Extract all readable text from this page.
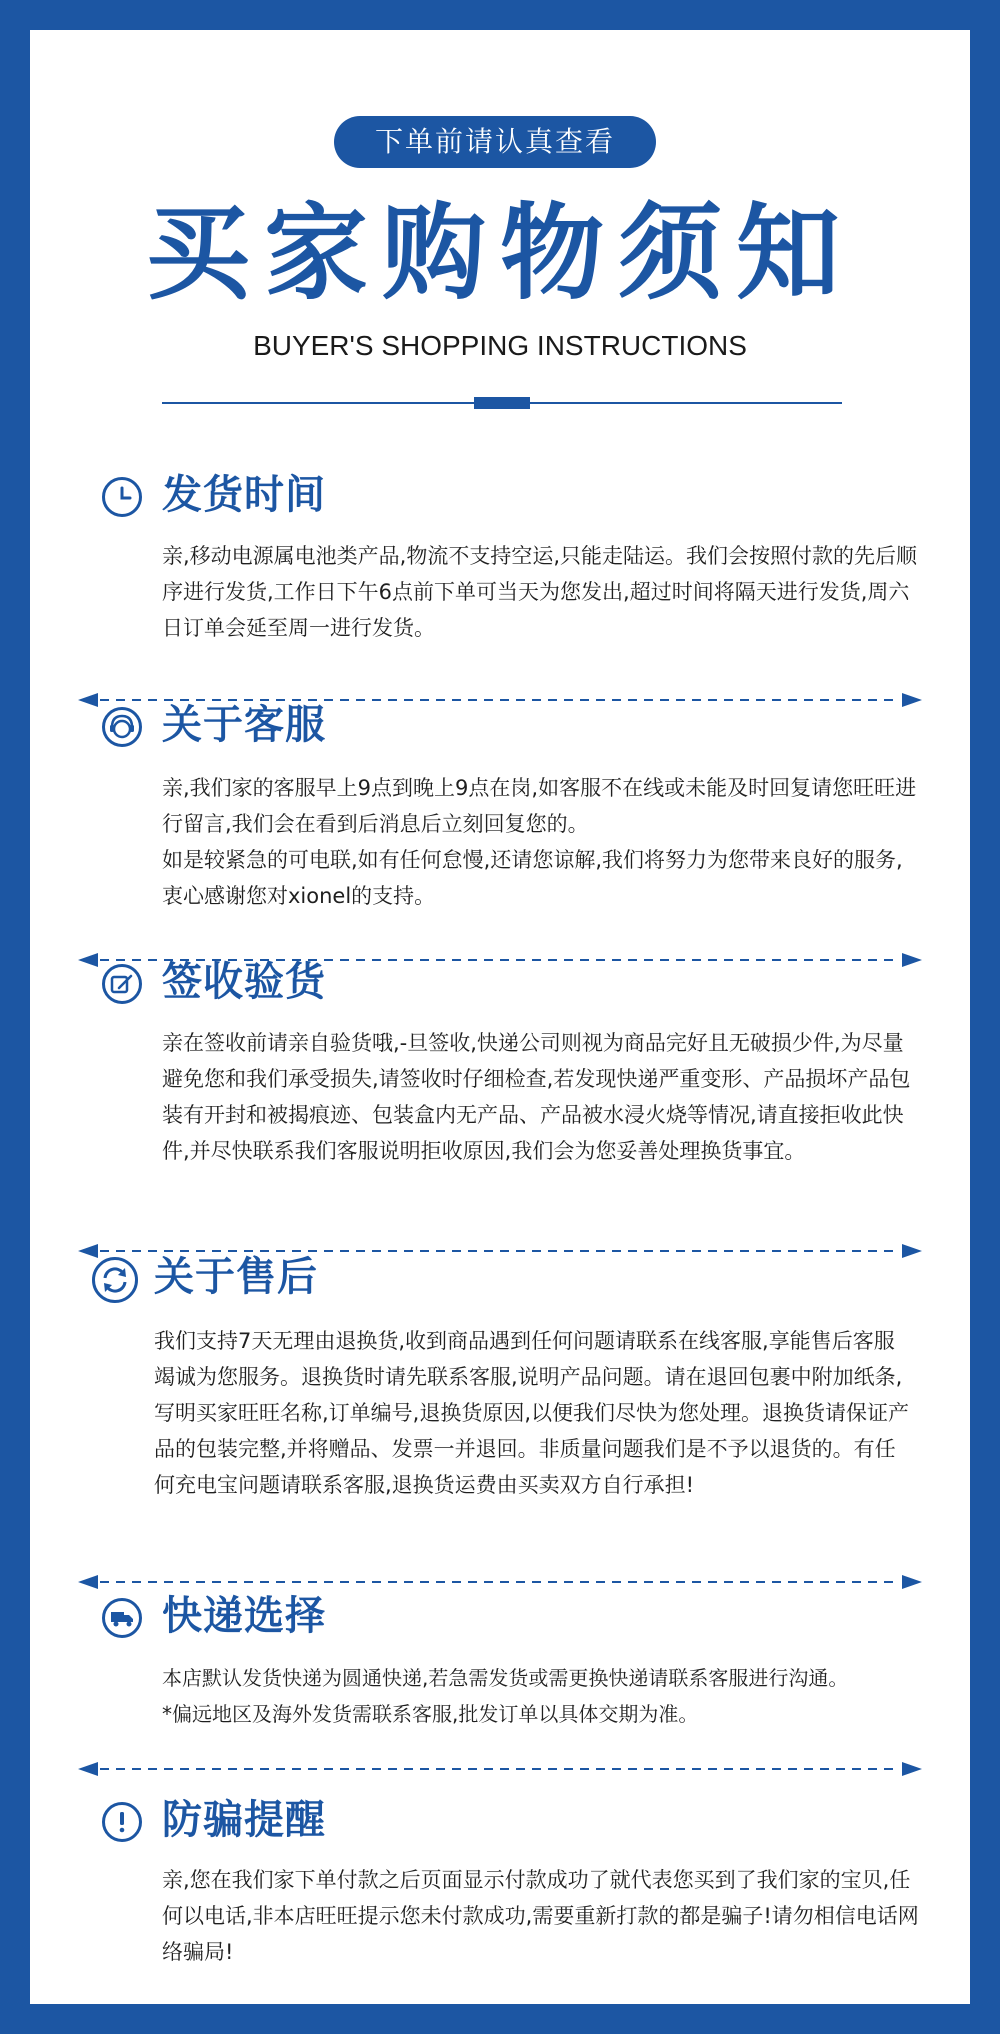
下单前请认真查看
买家购物须知
BUYER'S SHOPPING INSTRUCTIONS
发货时间

亲,移动电源属电池类产品,物流不支持空运,只能走陆运。我们会按照付款的先后顺序进行发货,工作日下午6点前下单可当天为您发出,超过时间将隔天进行发货,周六日订单会延至周一进行发货。

关于客服

亲,我们家的客服早上9点到晚上9点在岗,如客服不在线或未能及时回复请您旺旺进行留言,我们会在看到后消息后立刻回复您的。

如是较紧急的可电联,如有任何怠慢,还请您谅解,我们将努力为您带来良好的服务,衷心感谢您对xionel的支持。

签收验货

亲在签收前请亲自验货哦,-旦签收,快递公司则视为商品完好且无破损少件,为尽量避免您和我们承受损失,请签收时仔细检查,若发现快递严重变形、产品损坏产品包装有开封和被揭痕迹、包装盒内无产品、产品被水浸火烧等情况,请直接拒收此快件,并尽快联系我们客服说明拒收原因,我们会为您妥善处理换货事宜。

关于售后

我们支持7天无理由退换货,收到商品遇到任何问题请联系在线客服,享能售后客服竭诚为您服务。退换货时请先联系客服,说明产品问题。请在退回包裹中附加纸条,写明买家旺旺名称,订单编号,退换货原因,以便我们尽快为您处理。退换货请保证产品的包装完整,并将赠品、发票一并退回。非质量问题我们是不予以退货的。有任何充电宝问题请联系客服,退换货运费由买卖双方自行承担!

快递选择

本店默认发货快递为圆通快递,若急需发货或需更换快递请联系客服进行沟通。

*偏远地区及海外发货需联系客服,批发订单以具体交期为准。

防骗提醒

亲,您在我们家下单付款之后页面显示付款成功了就代表您买到了我们家的宝贝,任何以电话,非本店旺旺提示您未付款成功,需要重新打款的都是骗子!请勿相信电话网络骗局!
